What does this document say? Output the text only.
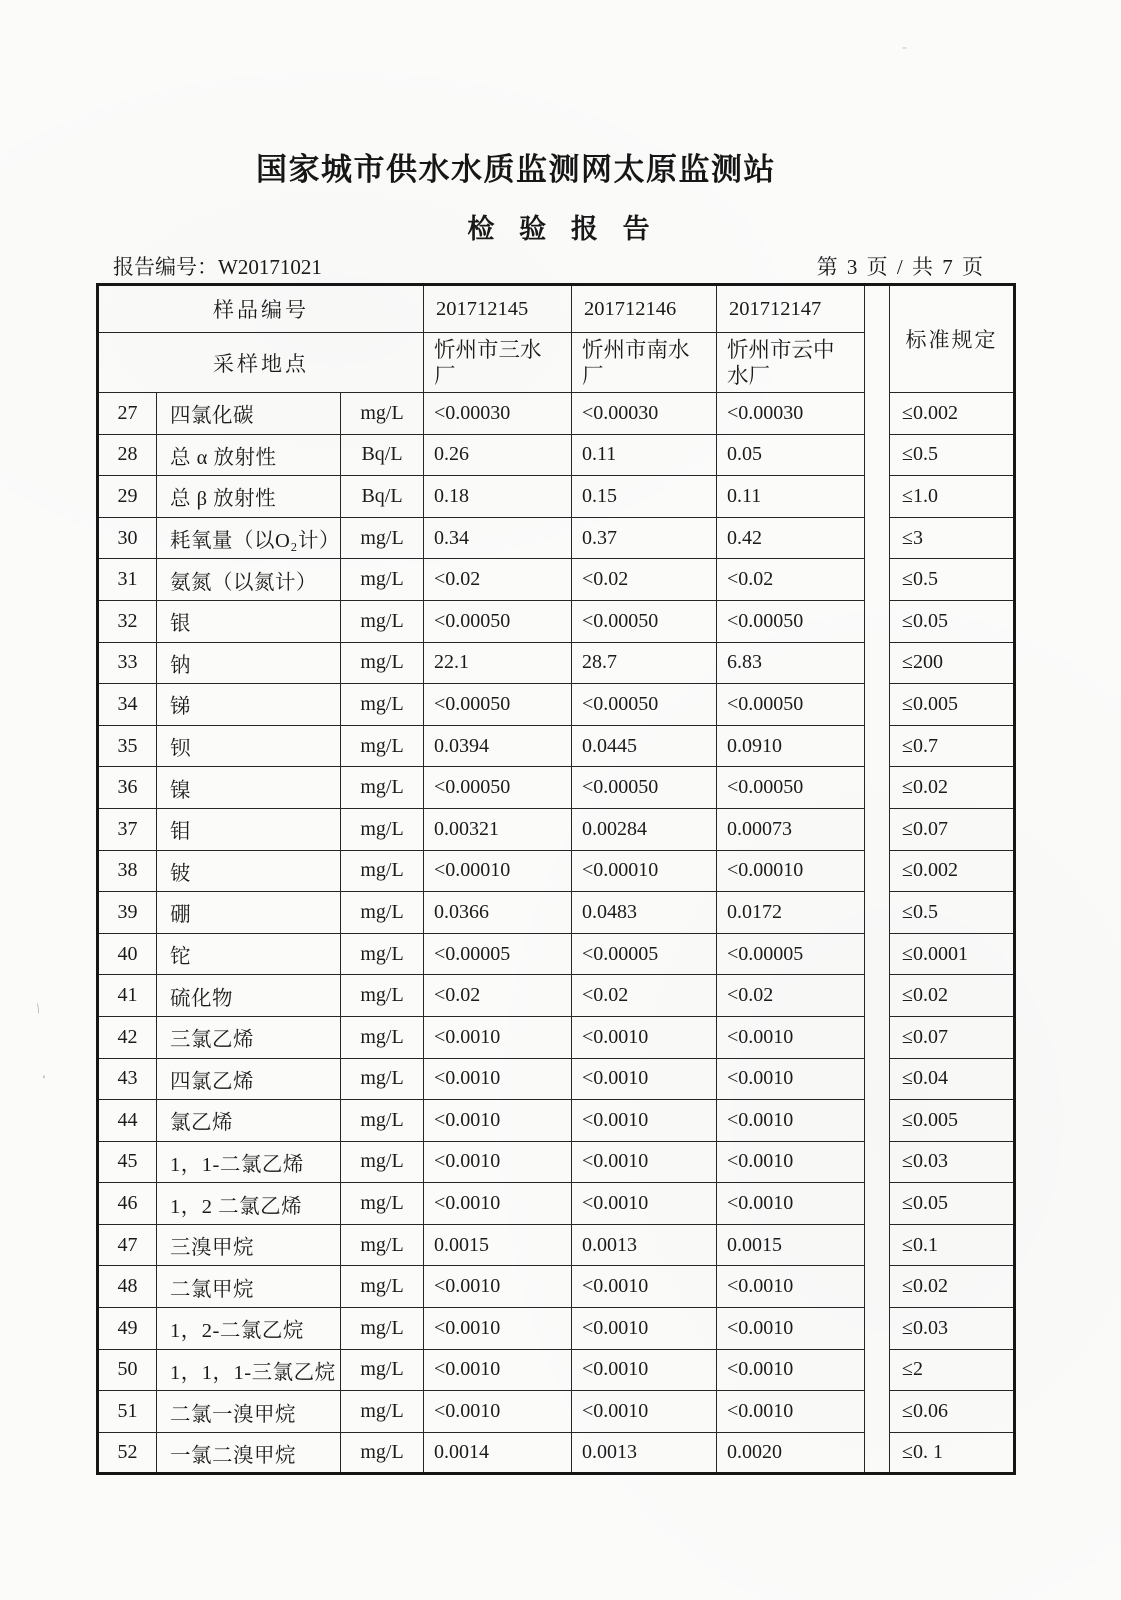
国家城市供水水质监测网太原监测站
检 验 报 告
报告编号：W20171021	第 3 页 / 共 7 页
样品编号			201712145	201712146	201712147		标准规定
采样地点			忻州市三水厂	忻州市南水厂	忻州市云中水厂		
27	四氯化碳	mg/L	<0.00030	<0.00030	<0.00030		≤0.002
28	总 α 放射性	Bq/L	0.26	0.11	0.05		≤0.5
29	总 β 放射性	Bq/L	0.18	0.15	0.11		≤1.0
30	耗氧量（以O₂计）	mg/L	0.34	0.37	0.42		≤3
31	氨氮（以氮计）	mg/L	<0.02	<0.02	<0.02		≤0.5
32	银	mg/L	<0.00050	<0.00050	<0.00050		≤0.05
33	钠	mg/L	22.1	28.7	6.83		≤200
34	锑	mg/L	<0.00050	<0.00050	<0.00050		≤0.005
35	钡	mg/L	0.0394	0.0445	0.0910		≤0.7
36	镍	mg/L	<0.00050	<0.00050	<0.00050		≤0.02
37	钼	mg/L	0.00321	0.00284	0.00073		≤0.07
38	铍	mg/L	<0.00010	<0.00010	<0.00010		≤0.002
39	硼	mg/L	0.0366	0.0483	0.0172		≤0.5
40	铊	mg/L	<0.00005	<0.00005	<0.00005		≤0.0001
41	硫化物	mg/L	<0.02	<0.02	<0.02		≤0.02
42	三氯乙烯	mg/L	<0.0010	<0.0010	<0.0010		≤0.07
43	四氯乙烯	mg/L	<0.0010	<0.0010	<0.0010		≤0.04
44	氯乙烯	mg/L	<0.0010	<0.0010	<0.0010		≤0.005
45	1，1-二氯乙烯	mg/L	<0.0010	<0.0010	<0.0010		≤0.03
46	1，2 二氯乙烯	mg/L	<0.0010	<0.0010	<0.0010		≤0.05
47	三溴甲烷	mg/L	0.0015	0.0013	0.0015		≤0.1
48	二氯甲烷	mg/L	<0.0010	<0.0010	<0.0010		≤0.02
49	1，2-二氯乙烷	mg/L	<0.0010	<0.0010	<0.0010		≤0.03
50	1，1，1-三氯乙烷	mg/L	<0.0010	<0.0010	<0.0010		≤2
51	二氯一溴甲烷	mg/L	<0.0010	<0.0010	<0.0010		≤0.06
52	一氯二溴甲烷	mg/L	0.0014	0.0013	0.0020		≤0. 1
\
ʻ
-
